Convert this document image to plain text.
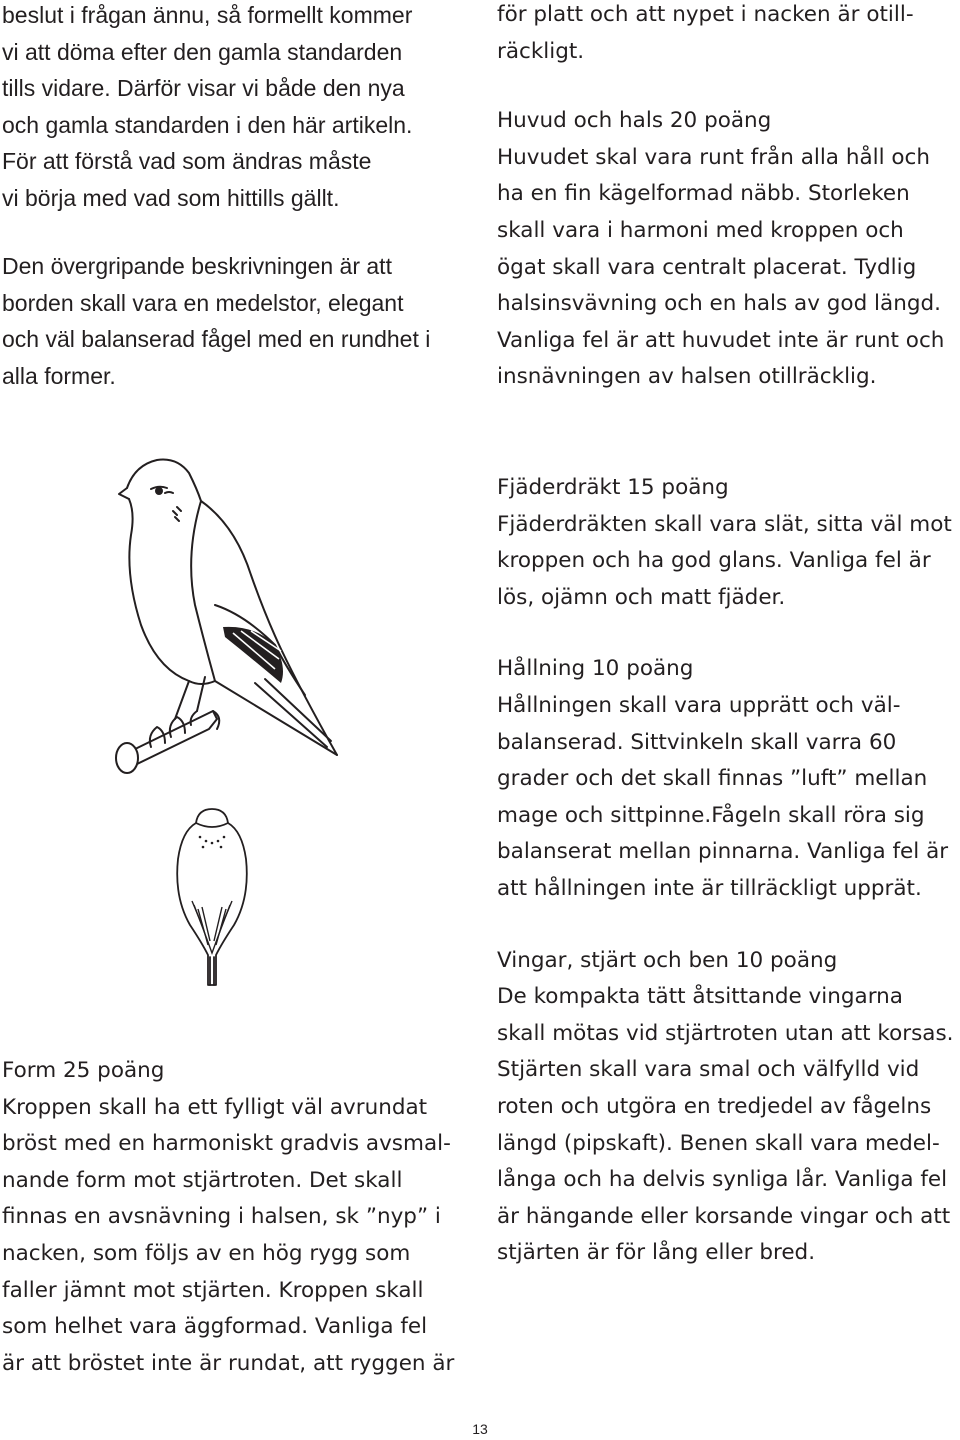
beslut i frågan ännu, så formellt kommer
vi att döma efter den gamla standarden
tills vidare. Därför visar vi både den nya
och gamla standarden i den här artikeln.
För att förstå vad som ändras måste
vi börja med vad som hittills gällt.
Den övergripande beskrivningen är att
borden skall vara en medelstor, elegant
och väl balanserad fågel med en rundhet i
alla former.
för platt och att nypet i nacken är otill-
räckligt.
Huvud och hals 20 poäng
Huvudet skal vara runt från alla håll och
ha en fin kägelformad näbb. Storleken
skall vara i harmoni med kroppen och
ögat skall vara centralt placerat. Tydlig
halsinsvävning och en hals av god längd.
Vanliga fel är att huvudet inte är runt och
insnävningen av halsen otillräcklig.
Fjäderdräkt 15 poäng
Fjäderdräkten skall vara slät, sitta väl mot
kroppen och ha god glans. Vanliga fel är
lös, ojämn och matt fjäder.
Hållning 10 poäng
Hållningen skall vara upprätt och väl-
balanserad. Sittvinkeln skall varra 60
grader och det skall finnas ”luft” mellan
mage och sittpinne.Fågeln skall röra sig
balanserat mellan pinnarna. Vanliga fel är
att hållningen inte är tillräckligt upprät.
Vingar, stjärt och ben 10 poäng
De kompakta tätt åtsittande vingarna
skall mötas vid stjärtroten utan att korsas.
Stjärten skall vara smal och välfylld vid
roten och utgöra en tredjedel av fågelns
längd (pipskaft). Benen skall vara medel-
långa och ha delvis synliga lår. Vanliga fel
är hängande eller korsande vingar och att
stjärten är för lång eller bred.
Form 25 poäng
Kroppen skall ha ett fylligt väl avrundat
bröst med en harmoniskt gradvis avsmal-
nande form mot stjärtroten. Det skall
finnas en avsnävning i halsen, sk ”nyp” i
nacken, som följs av en hög rygg som
faller jämnt mot stjärten. Kroppen skall
som helhet vara äggformad. Vanliga fel
är att bröstet inte är rundat, att ryggen är
13
